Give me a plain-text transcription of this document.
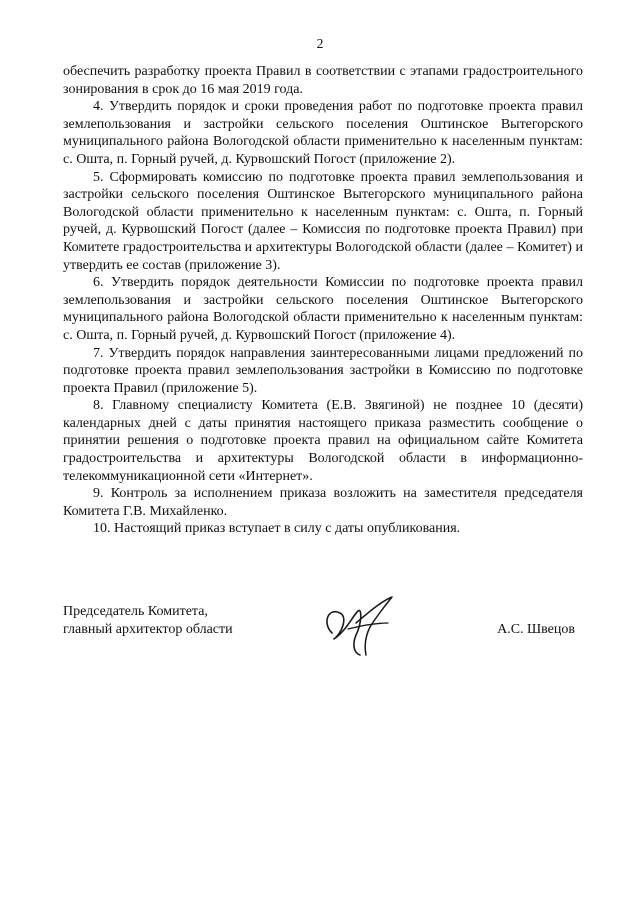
2

обеспечить разработку проекта Правил в соответствии с этапами градостроительного зонирования в срок до 16 мая 2019 года.

4. Утвердить порядок и сроки проведения работ по подготовке проекта правил землепользования и застройки сельского поселения Оштинское Вытегорского муниципального района Вологодской области применительно к населенным пунктам: с. Ошта, п. Горный ручей, д. Курвошский Погост (приложение 2).

5. Сформировать комиссию по подготовке проекта правил землепользования и застройки сельского поселения Оштинское Вытегорского муниципального района Вологодской области применительно к населенным пунктам: с. Ошта, п. Горный ручей, д. Курвошский Погост (далее – Комиссия по подготовке проекта Правил) при Комитете градостроительства и архитектуры Вологодской области (далее – Комитет) и утвердить ее состав (приложение 3).

6. Утвердить порядок деятельности Комиссии по подготовке проекта правил землепользования и застройки сельского поселения Оштинское Вытегорского муниципального района Вологодской области применительно к населенным пунктам: с. Ошта, п. Горный ручей, д. Курвошский Погост (приложение 4).

7. Утвердить порядок направления заинтересованными лицами предложений по подготовке проекта правил землепользования застройки в Комиссию по подготовке проекта Правил (приложение 5).

8. Главному специалисту Комитета (Е.В. Звягиной) не позднее 10 (десяти) календарных дней с даты принятия настоящего приказа разместить сообщение о принятии решения о подготовке проекта правил на официальном сайте Комитета градостроительства и архитектуры Вологодской области в информационно-телекоммуникационной сети «Интернет».

9. Контроль за исполнением приказа возложить на заместителя председателя Комитета Г.В. Михайленко.

10. Настоящий приказ вступает в силу с даты опубликования.

Председатель Комитета,
главный архитектор области	А.С. Швецов
